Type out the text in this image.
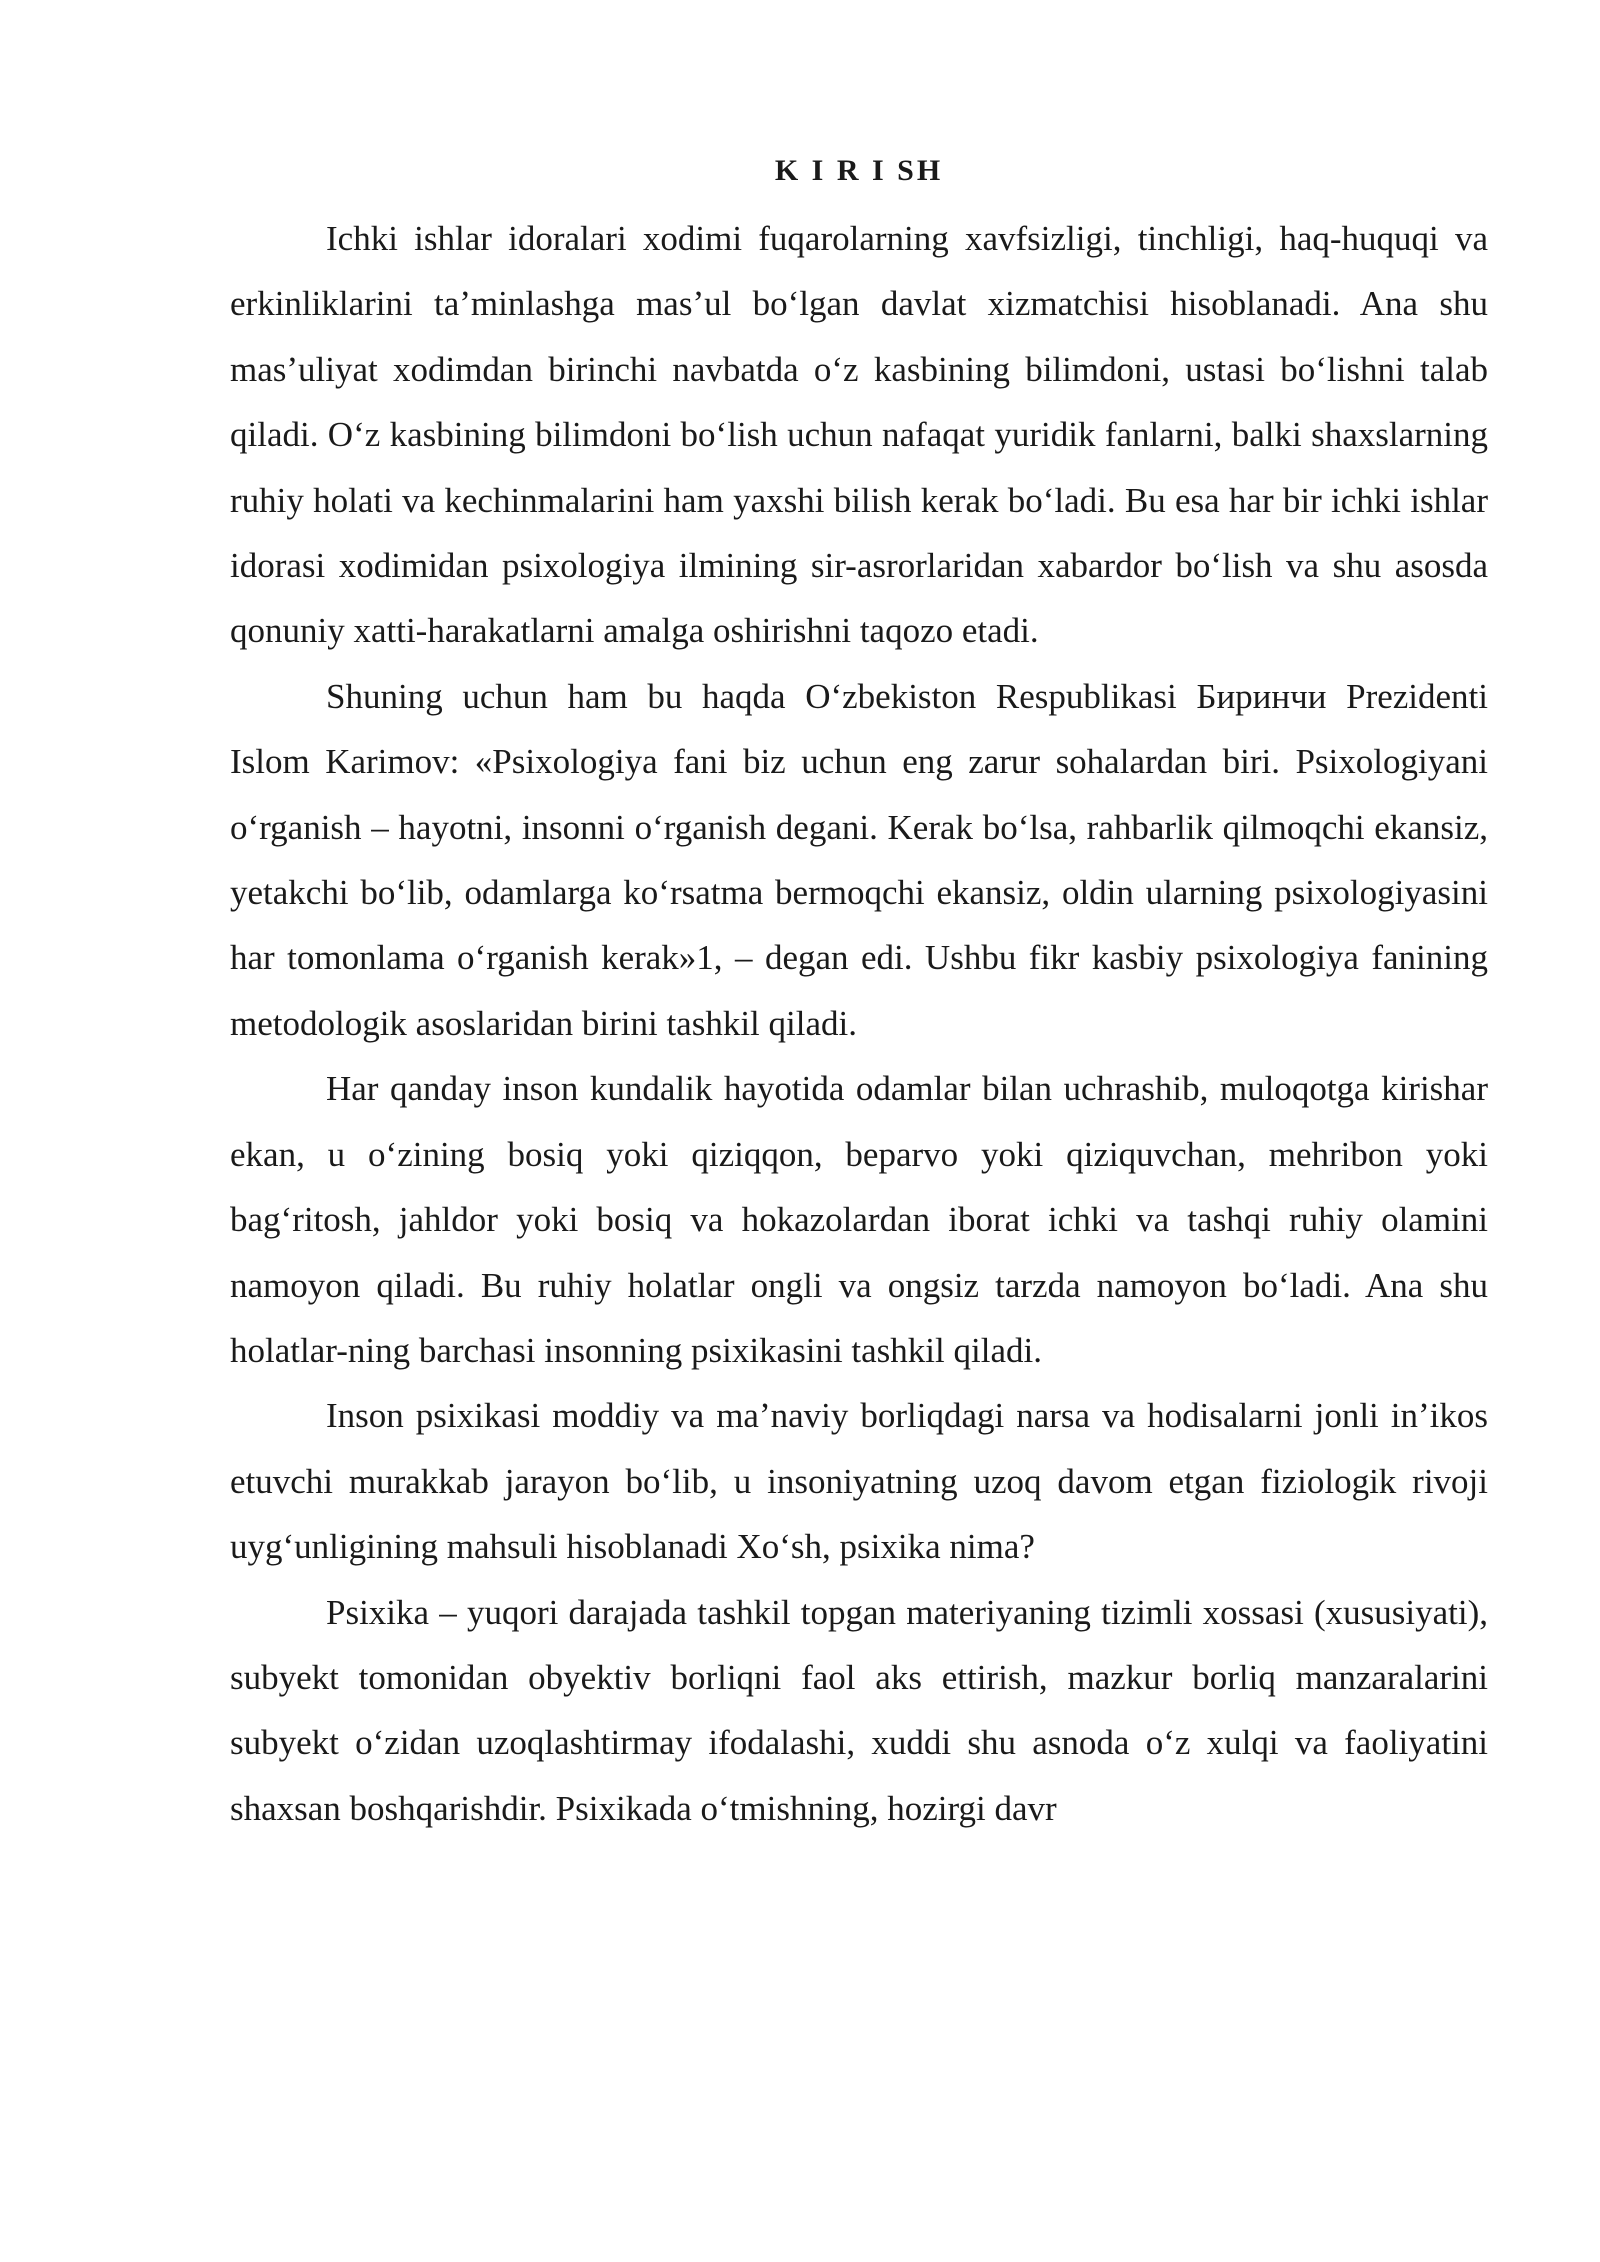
K I R I SH

Ichki ishlar idoralari xodimi fuqarolarning xavfsizligi, tinchligi, haq-huquqi va erkinliklarini taʼminlashga masʼul boʻlgan davlat xizmatchisi hisoblanadi. Ana shu masʼuliyat xodimdan birinchi navbatda oʻz kasbining bilimdoni, ustasi boʻlishni talab qiladi. Oʻz kasbining bilimdoni boʻlish uchun nafaqat yuridik fanlarni, balki shaxslarning ruhiy holati va kechinmalarini ham yaxshi bilish kerak boʻladi. Bu esa har bir ichki ishlar idorasi xodimidan psixologiya ilmining sir-asrorlaridan xabardor boʻlish va shu asosda qonuniy xatti-harakatlarni amalga oshirishni taqozo etadi.

Shuning uchun ham bu haqda Oʻzbekiston Respublikasi Биринчи Prezidenti Islom Karimov: «Psixologiya fani biz uchun eng zarur sohalardan biri. Psixologiyani oʻrganish – hayotni, insonni oʻrganish degani. Kerak boʻlsa, rahbarlik qilmoqchi ekansiz, yetakchi boʻlib, odamlarga koʻrsatma bermoqchi ekansiz, oldin ularning psixologiyasini har tomonlama oʻrganish kerak»1, – degan edi. Ushbu fikr kasbiy psixologiya fanining metodologik asoslaridan birini tashkil qiladi.

Har qanday inson kundalik hayotida odamlar bilan uchrashib, muloqotga kirishar ekan, u oʻzining bosiq yoki qiziqqon, beparvo yoki qiziquvchan, mehribon yoki bagʻritosh, jahldor yoki bosiq va hokazolardan iborat ichki va tashqi ruhiy olamini namoyon qiladi. Bu ruhiy holatlar ongli va ongsiz tarzda namoyon boʻladi. Ana shu holatlar-ning barchasi insonning psixikasini tashkil qiladi.

Inson psixikasi moddiy va maʼnaviy borliqdagi narsa va hodisalarni jonli inʼikos etuvchi murakkab jarayon boʻlib, u insoniyatning uzoq davom etgan fiziologik rivoji uygʻunligining mahsuli hisoblanadi Xoʻsh, psixika nima?

Psixika – yuqori darajada tashkil topgan materiyaning tizimli xossasi (xususiyati), subyekt tomonidan obyektiv borliqni faol aks ettirish, mazkur borliq manzaralarini subyekt oʻzidan uzoqlashtirmay ifodalashi, xuddi shu asnoda oʻz xulqi va faoliyatini shaxsan boshqarishdir. Psixikada oʻtmishning, hozirgi davr
